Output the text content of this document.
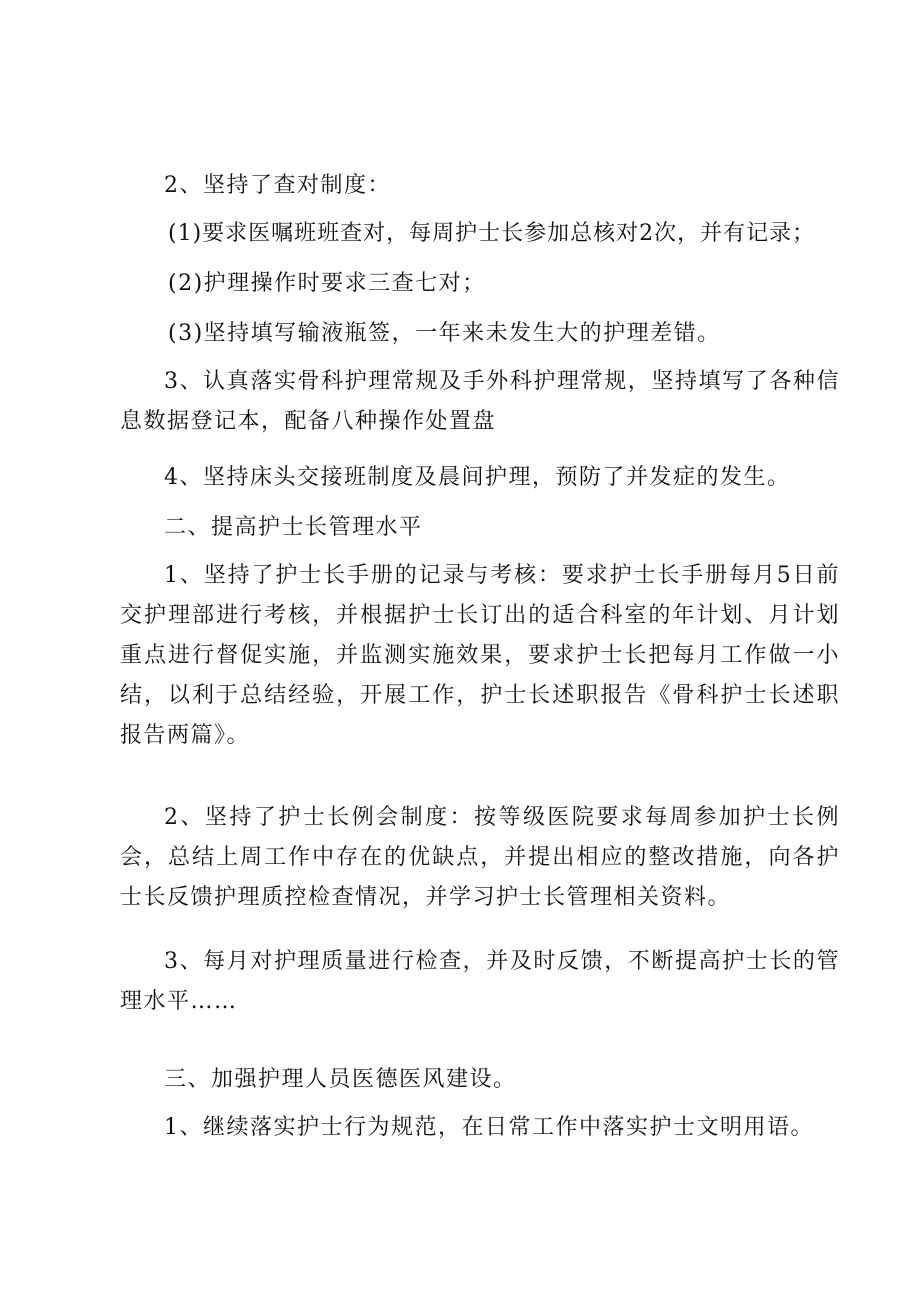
2、坚持了查对制度：

(1)要求医嘱班班查对，每周护士长参加总核对2次，并有记录；

(2)护理操作时要求三查七对；

(3)坚持填写输液瓶签，一年来未发生大的护理差错。

3、认真落实骨科护理常规及手外科护理常规，坚持填写了各种信息数据登记本，配备八种操作处置盘

4、坚持床头交接班制度及晨间护理，预防了并发症的发生。

二、提高护士长管理水平

1、坚持了护士长手册的记录与考核：要求护士长手册每月5日前交护理部进行考核，并根据护士长订出的适合科室的年计划、月计划重点进行督促实施，并监测实施效果，要求护士长把每月工作做一小结，以利于总结经验，开展工作，护士长述职报告《骨科护士长述职报告两篇》。

2、坚持了护士长例会制度：按等级医院要求每周参加护士长例会，总结上周工作中存在的优缺点，并提出相应的整改措施，向各护士长反馈护理质控检查情况，并学习护士长管理相关资料。

3、每月对护理质量进行检查，并及时反馈，不断提高护士长的管理水平……

三、加强护理人员医德医风建设。

1、继续落实护士行为规范，在日常工作中落实护士文明用语。
